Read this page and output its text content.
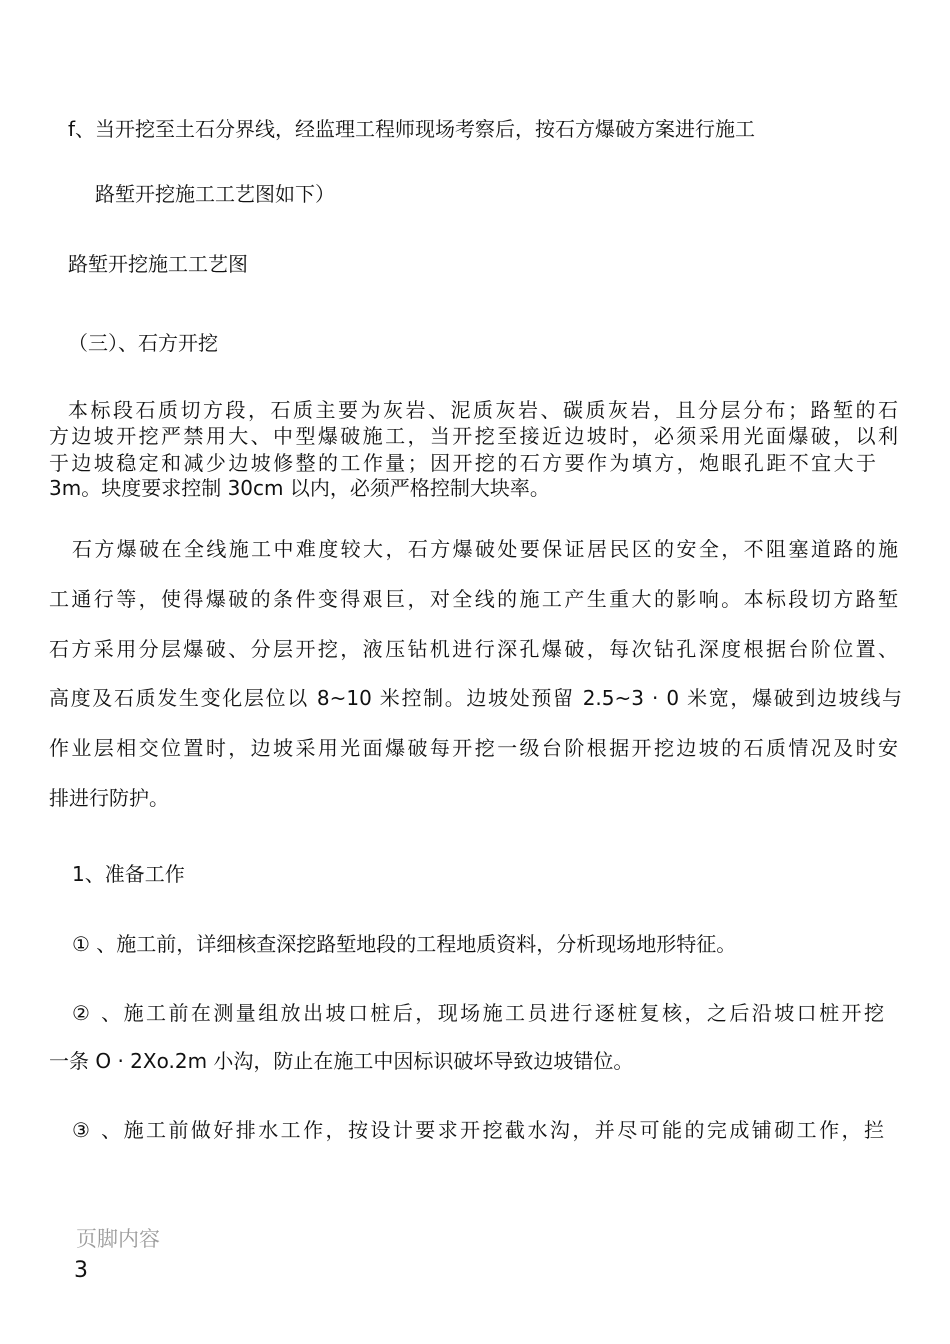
f、当开挖至土石分界线，经监理工程师现场考察后，按石方爆破方案进行施工

路堑开挖施工工艺图如下）

路堑开挖施工工艺图

（三）、石方开挖

本标段石质切方段，石质主要为灰岩、泥质灰岩、碳质灰岩，且分层分布；路堑的石

方边坡开挖严禁用大、中型爆破施工，当开挖至接近边坡时，必须采用光面爆破，以利

于边坡稳定和减少边坡修整的工作量；因开挖的石方要作为填方，炮眼孔距不宜大于

3m。块度要求控制 30cm 以内，必须严格控制大块率。

石方爆破在全线施工中难度较大，石方爆破处要保证居民区的安全，不阻塞道路的施

工通行等，使得爆破的条件变得艰巨，对全线的施工产生重大的影响。本标段切方路堑

石方采用分层爆破、分层开挖，液压钻机进行深孔爆破，每次钻孔深度根据台阶位置、

高度及石质发生变化层位以 8~10 米控制。边坡处预留 2.5~3 · 0 米宽，爆破到边坡线与

作业层相交位置时，边坡采用光面爆破每开挖一级台阶根据开挖边坡的石质情况及时安

排进行防护。

1、准备工作

① 、施工前，详细核查深挖路堑地段的工程地质资料，分析现场地形特征。

② 、施工前在测量组放出坡口桩后，现场施工员进行逐桩复核，之后沿坡口桩开挖

一条 O · 2Ⅹo.2m 小沟，防止在施工中因标识破坏导致边坡错位。

③ 、施工前做好排水工作，按设计要求开挖截水沟，并尽可能的完成铺砌工作，拦

页脚内容

3
